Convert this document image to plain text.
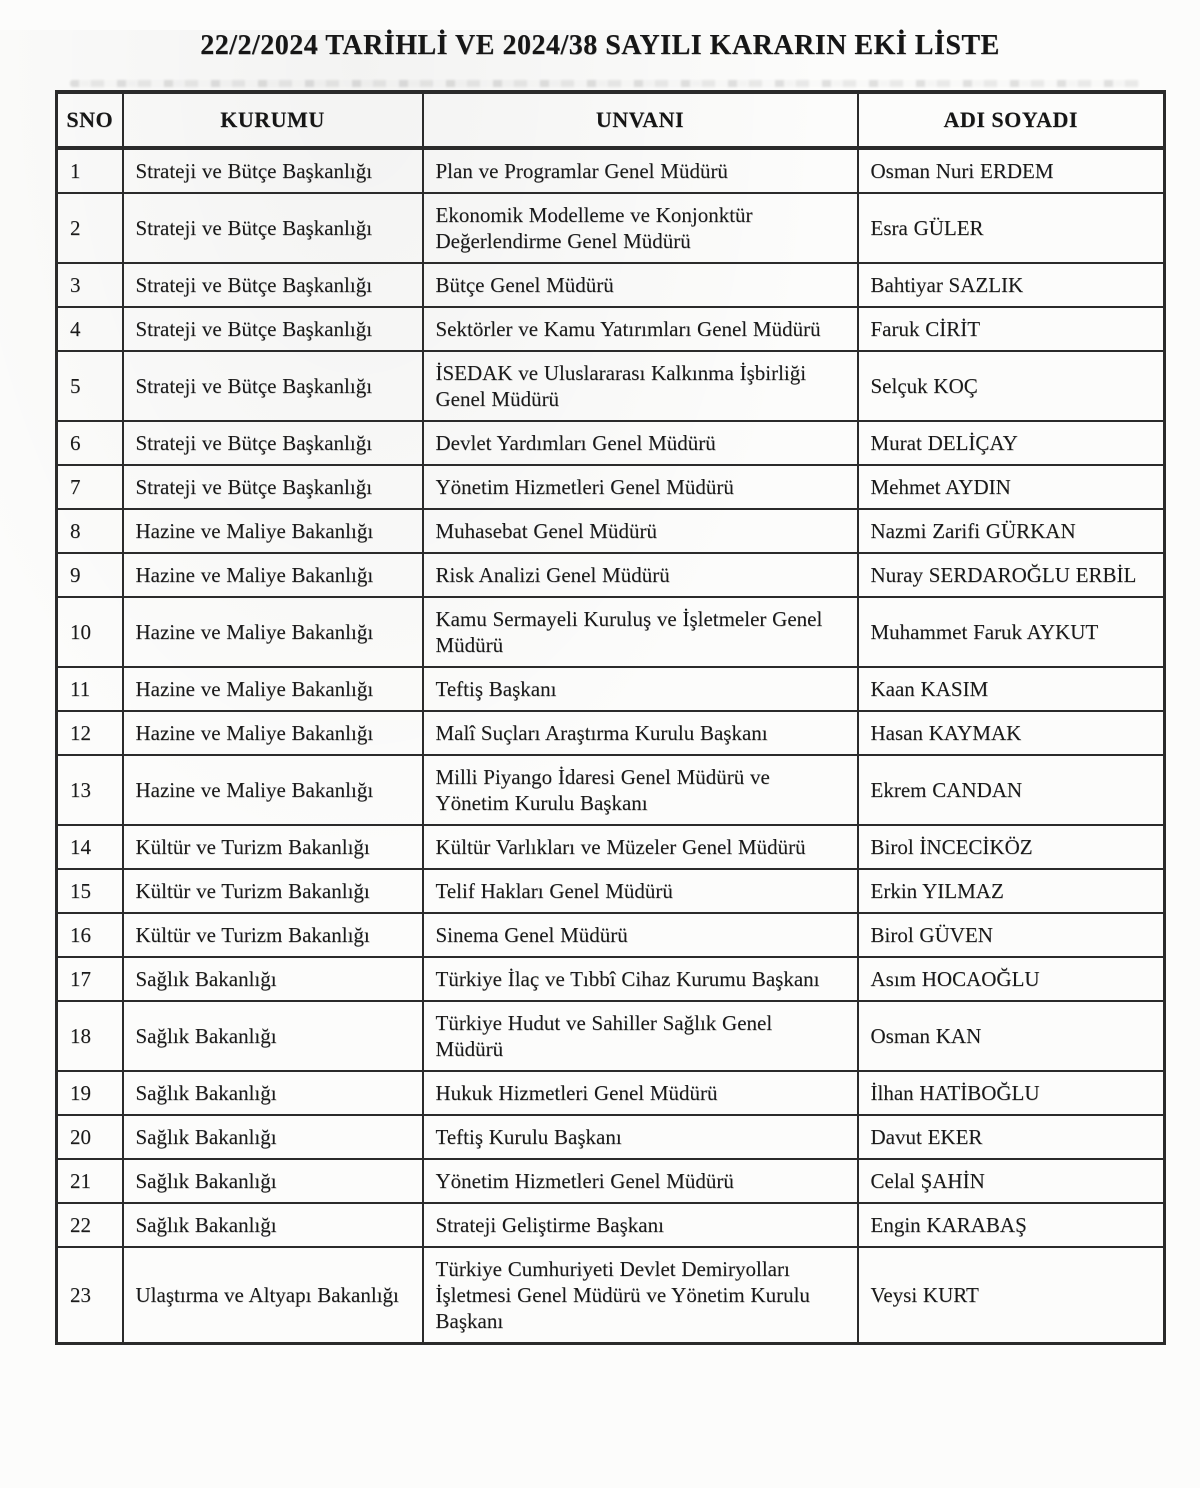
22/2/2024 TARİHLİ VE 2024/38 SAYILI KARARIN EKİ LİSTE
SNO	KURUMU	UNVANI	ADI SOYADI
1	Strateji ve Bütçe Başkanlığı	Plan ve Programlar Genel Müdürü	Osman Nuri ERDEM
2	Strateji ve Bütçe Başkanlığı	Ekonomik Modelleme ve Konjonktür Değerlendirme Genel Müdürü	Esra GÜLER
3	Strateji ve Bütçe Başkanlığı	Bütçe Genel Müdürü	Bahtiyar SAZLIK
4	Strateji ve Bütçe Başkanlığı	Sektörler ve Kamu Yatırımları Genel Müdürü	Faruk CİRİT
5	Strateji ve Bütçe Başkanlığı	İSEDAK ve Uluslararası Kalkınma İşbirliği Genel Müdürü	Selçuk KOÇ
6	Strateji ve Bütçe Başkanlığı	Devlet Yardımları Genel Müdürü	Murat DELİÇAY
7	Strateji ve Bütçe Başkanlığı	Yönetim Hizmetleri Genel Müdürü	Mehmet AYDIN
8	Hazine ve Maliye Bakanlığı	Muhasebat Genel Müdürü	Nazmi Zarifi GÜRKAN
9	Hazine ve Maliye Bakanlığı	Risk Analizi Genel Müdürü	Nuray SERDAROĞLU ERBİL
10	Hazine ve Maliye Bakanlığı	Kamu Sermayeli Kuruluş ve İşletmeler Genel Müdürü	Muhammet Faruk AYKUT
11	Hazine ve Maliye Bakanlığı	Teftiş Başkanı	Kaan KASIM
12	Hazine ve Maliye Bakanlığı	Malî Suçları Araştırma Kurulu Başkanı	Hasan KAYMAK
13	Hazine ve Maliye Bakanlığı	Milli Piyango İdaresi Genel Müdürü ve Yönetim Kurulu Başkanı	Ekrem CANDAN
14	Kültür ve Turizm Bakanlığı	Kültür Varlıkları ve Müzeler Genel Müdürü	Birol İNCECİKÖZ
15	Kültür ve Turizm Bakanlığı	Telif Hakları Genel Müdürü	Erkin YILMAZ
16	Kültür ve Turizm Bakanlığı	Sinema Genel Müdürü	Birol GÜVEN
17	Sağlık Bakanlığı	Türkiye İlaç ve Tıbbî Cihaz Kurumu Başkanı	Asım HOCAOĞLU
18	Sağlık Bakanlığı	Türkiye Hudut ve Sahiller Sağlık Genel Müdürü	Osman KAN
19	Sağlık Bakanlığı	Hukuk Hizmetleri Genel Müdürü	İlhan HATİBOĞLU
20	Sağlık Bakanlığı	Teftiş Kurulu Başkanı	Davut EKER
21	Sağlık Bakanlığı	Yönetim Hizmetleri Genel Müdürü	Celal ŞAHİN
22	Sağlık Bakanlığı	Strateji Geliştirme Başkanı	Engin KARABAŞ
23	Ulaştırma ve Altyapı Bakanlığı	Türkiye Cumhuriyeti Devlet Demiryolları İşletmesi Genel Müdürü ve Yönetim Kurulu Başkanı	Veysi KURT
